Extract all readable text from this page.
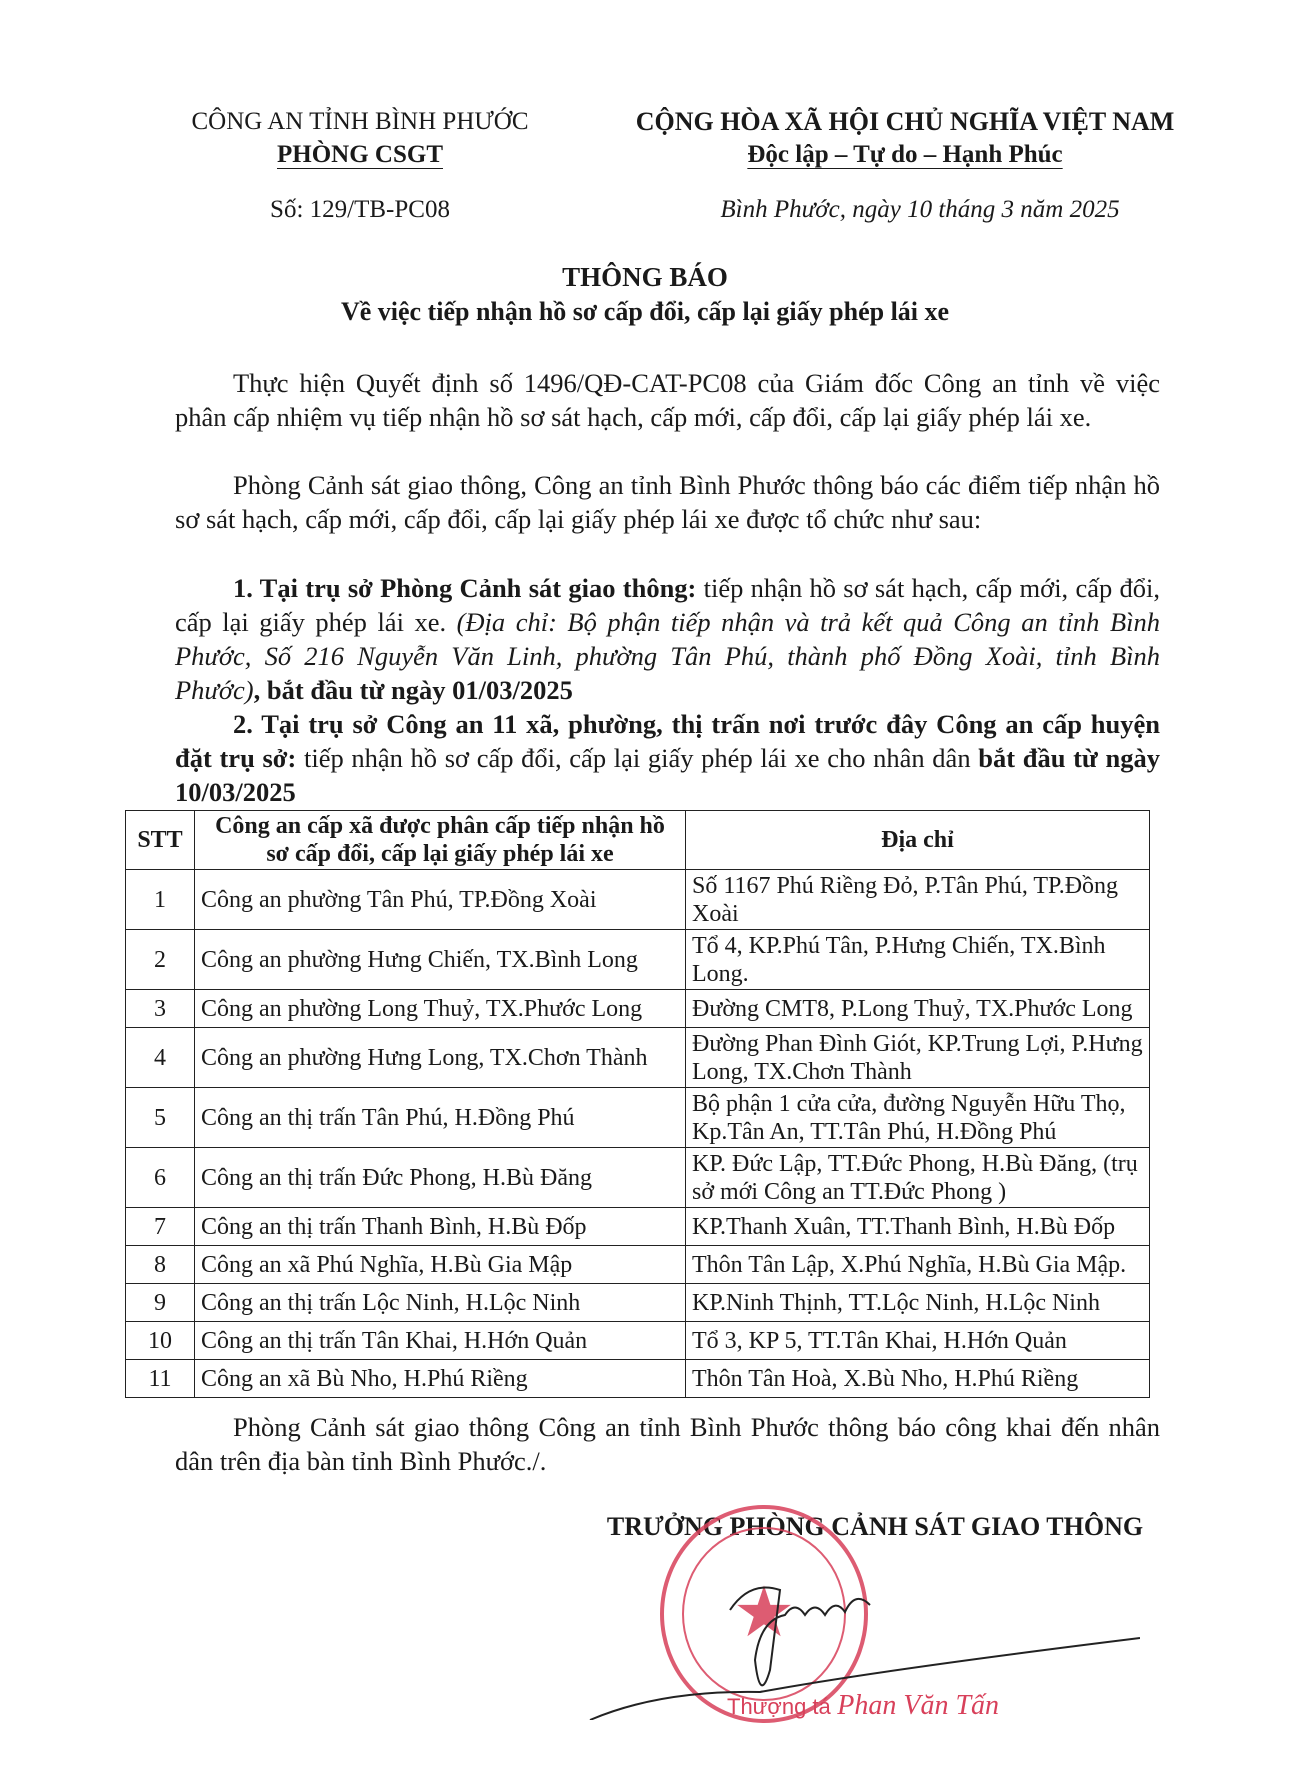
CÔNG AN TỈNH BÌNH PHƯỚC
PHÒNG CSGT
Số: 129/TB-PC08
CỘNG HÒA XÃ HỘI CHỦ NGHĨA VIỆT NAM
Độc lập – Tự do – Hạnh Phúc
Bình Phước, ngày 10 tháng 3 năm 2025
THÔNG BÁO
Về việc tiếp nhận hồ sơ cấp đổi, cấp lại giấy phép lái xe
Thực hiện Quyết định số 1496/QĐ-CAT-PC08 của Giám đốc Công an tỉnh về việc phân cấp nhiệm vụ tiếp nhận hồ sơ sát hạch, cấp mới, cấp đổi, cấp lại giấy phép lái xe.
Phòng Cảnh sát giao thông, Công an tỉnh Bình Phước thông báo các điểm tiếp nhận hồ sơ sát hạch, cấp mới, cấp đổi, cấp lại giấy phép lái xe được tổ chức như sau:
1. Tại trụ sở Phòng Cảnh sát giao thông: tiếp nhận hồ sơ sát hạch, cấp mới, cấp đổi, cấp lại giấy phép lái xe. (Địa chỉ: Bộ phận tiếp nhận và trả kết quả Công an tỉnh Bình Phước, Số 216 Nguyễn Văn Linh, phường Tân Phú, thành phố Đồng Xoài, tỉnh Bình Phước), bắt đầu từ ngày 01/03/2025
2. Tại trụ sở Công an 11 xã, phường, thị trấn nơi trước đây Công an cấp huyện đặt trụ sở: tiếp nhận hồ sơ cấp đổi, cấp lại giấy phép lái xe cho nhân dân bắt đầu từ ngày 10/03/2025
STT	Công an cấp xã được phân cấp tiếp nhận hồ sơ cấp đổi, cấp lại giấy phép lái xe	Địa chỉ
1	Công an phường Tân Phú, TP.Đồng Xoài	Số 1167 Phú Riềng Đỏ, P.Tân Phú, TP.Đồng Xoài
2	Công an phường Hưng Chiến, TX.Bình Long	Tổ 4, KP.Phú Tân, P.Hưng Chiến, TX.Bình Long.
3	Công an phường Long Thuỷ, TX.Phước Long	Đường CMT8, P.Long Thuỷ, TX.Phước Long
4	Công an phường Hưng Long, TX.Chơn Thành	Đường Phan Đình Giót, KP.Trung Lợi, P.Hưng Long, TX.Chơn Thành
5	Công an thị trấn Tân Phú, H.Đồng Phú	Bộ phận 1 cửa cửa, đường Nguyễn Hữu Thọ, Kp.Tân An, TT.Tân Phú, H.Đồng Phú
6	Công an thị trấn Đức Phong, H.Bù Đăng	KP. Đức Lập, TT.Đức Phong, H.Bù Đăng, (trụ sở mới Công an TT.Đức Phong )
7	Công an thị trấn Thanh Bình, H.Bù Đốp	KP.Thanh Xuân, TT.Thanh Bình, H.Bù Đốp
8	Công an xã Phú Nghĩa, H.Bù Gia Mập	Thôn Tân Lập, X.Phú Nghĩa, H.Bù Gia Mập.
9	Công an thị trấn Lộc Ninh, H.Lộc Ninh	KP.Ninh Thịnh, TT.Lộc Ninh, H.Lộc Ninh
10	Công an thị trấn Tân Khai, H.Hớn Quản	Tổ 3, KP 5, TT.Tân Khai, H.Hớn Quản
11	Công an xã Bù Nho, H.Phú Riềng	Thôn Tân Hoà, X.Bù Nho, H.Phú Riềng
Phòng Cảnh sát giao thông Công an tỉnh Bình Phước thông báo công khai đến nhân dân trên địa bàn tỉnh Bình Phước./.
TRƯỞNG PHÒNG CẢNH SÁT GIAO THÔNG
★
Thượng tá Phan Văn Tấn
